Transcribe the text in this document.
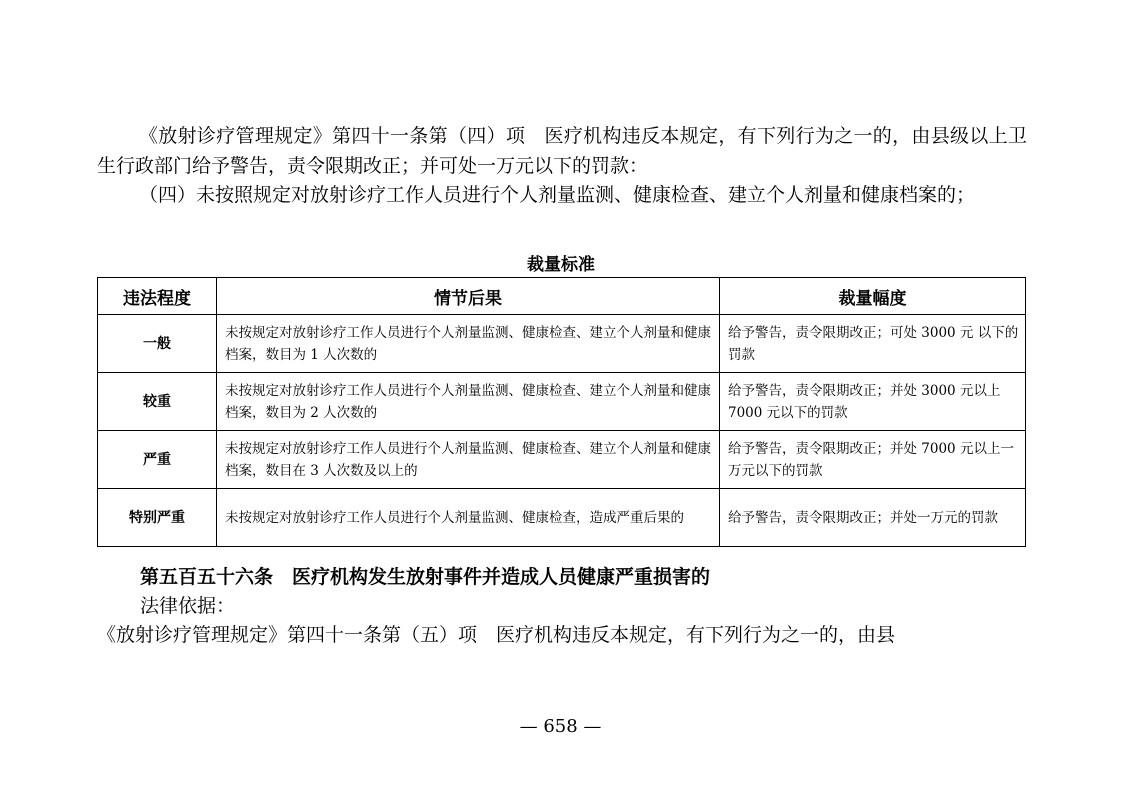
《放射诊疗管理规定》第四十一条第（四）项　医疗机构违反本规定，有下列行为之一的，由县级以上卫生行政部门给予警告，责令限期改正；并可处一万元以下的罚款：

（四）未按照规定对放射诊疗工作人员进行个人剂量监测、健康检查、建立个人剂量和健康档案的；

裁量标准
违法程度	情节后果	裁量幅度
一般	未按规定对放射诊疗工作人员进行个人剂量监测、健康检查、建立个人剂量和健康档案，数目为 1 人次数的	给予警告，责令限期改正；可处 3000 元 以下的罚款
较重	未按规定对放射诊疗工作人员进行个人剂量监测、健康检查、建立个人剂量和健康档案，数目为 2 人次数的	给予警告，责令限期改正；并处 3000 元以上 7000 元以下的罚款
严重	未按规定对放射诊疗工作人员进行个人剂量监测、健康检查、建立个人剂量和健康档案，数目在 3 人次数及以上的	给予警告，责令限期改正；并处 7000 元以上一万元以下的罚款
特别严重	未按规定对放射诊疗工作人员进行个人剂量监测、健康检查，造成严重后果的	给予警告，责令限期改正；并处一万元的罚款

第五百五十六条　医疗机构发生放射事件并造成人员健康严重损害的

法律依据：

《放射诊疗管理规定》第四十一条第（五）项　医疗机构违反本规定，有下列行为之一的，由县

— 658 —
